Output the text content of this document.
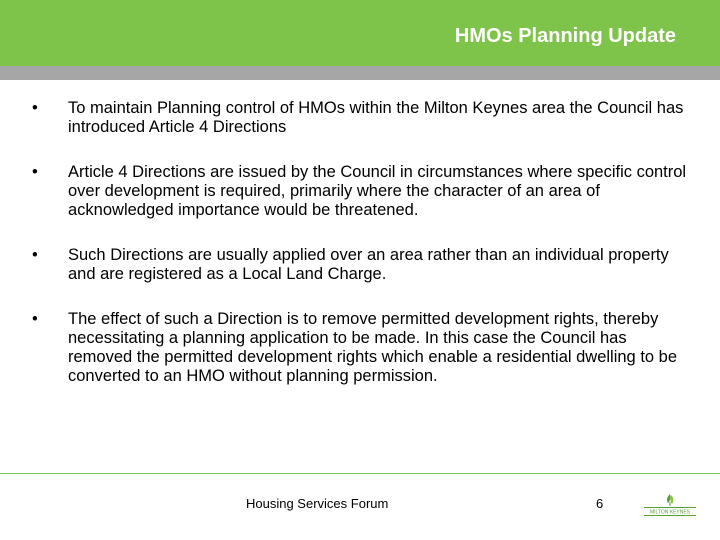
HMOs Planning Update
• To maintain Planning control of HMOs within the Milton Keynes area the Council has introduced Article 4 Directions
• Article 4 Directions are issued by the Council in circumstances where specific control over development is required, primarily where the character of an area of acknowledged importance would be threatened.
• Such Directions are usually applied over an area rather than an individual property and are registered as a Local Land Charge.
• The effect of such a Direction is to remove permitted development rights, thereby necessitating a planning application to be made. In this case the Council has removed the permitted development rights which enable a residential dwelling to be converted to an HMO without planning permission.
Housing Services Forum	6
MILTON KEYNES
